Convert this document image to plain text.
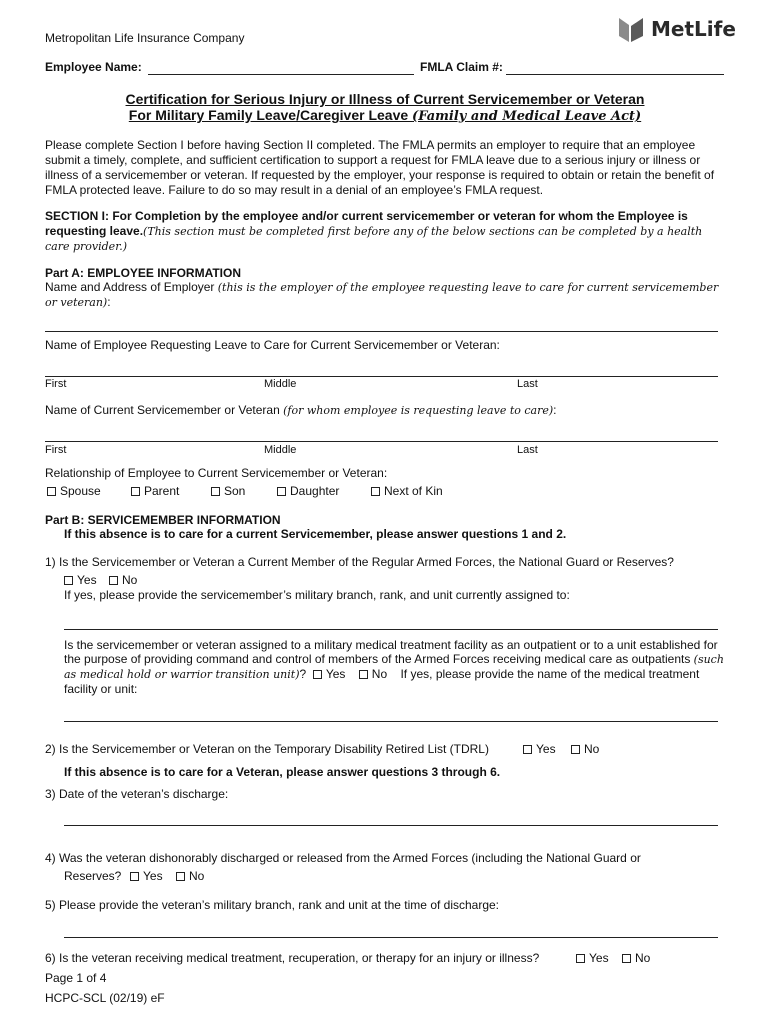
Metropolitan Life Insurance Company	MetLife
Employee Name:	FMLA Claim #:
Certification for Serious Injury or Illness of Current Servicemember or Veteran
For Military Family Leave/Caregiver Leave (Family and Medical Leave Act)
Please complete Section I before having Section II completed. The FMLA permits an employer to require that an employee submit a timely, complete, and sufficient certification to support a request for FMLA leave due to a serious injury or illness or illness of a servicemember or veteran. If requested by the employer, your response is required to obtain or retain the benefit of FMLA protected leave. Failure to do so may result in a denial of an employee’s FMLA request.
SECTION I: For Completion by the employee and/or current servicemember or veteran for whom the Employee is requesting leave.(This section must be completed first before any of the below sections can be completed by a health care provider.)
Part A: EMPLOYEE INFORMATION
Name and Address of Employer (this is the employer of the employee requesting leave to care for current servicemember or veteran):
Name of Employee Requesting Leave to Care for Current Servicemember or Veteran:
First	Middle	Last
Name of Current Servicemember or Veteran (for whom employee is requesting leave to care):
First	Middle	Last
Relationship of Employee to Current Servicemember or Veteran:
Spouse	Parent	Son	Daughter	Next of Kin
Part B: SERVICEMEMBER INFORMATION
If this absence is to care for a current Servicemember, please answer questions 1 and 2.
1) Is the Servicemember or Veteran a Current Member of the Regular Armed Forces, the National Guard or Reserves?
Yes	No
If yes, please provide the servicemember’s military branch, rank, and unit currently assigned to:
Is the servicemember or veteran assigned to a military medical treatment facility as an outpatient or to a unit established for the purpose of providing command and control of members of the Armed Forces receiving medical care as outpatients (such as medical hold or warrior transition unit)? Yes No If yes, please provide the name of the medical treatment facility or unit:
2) Is the Servicemember or Veteran on the Temporary Disability Retired List (TDRL)	Yes	No
If this absence is to care for a Veteran, please answer questions 3 through 6.
3) Date of the veteran’s discharge:
4) Was the veteran dishonorably discharged or released from the Armed Forces (including the National Guard or
Reserves?	Yes	No
5) Please provide the veteran’s military branch, rank and unit at the time of discharge:
6) Is the veteran receiving medical treatment, recuperation, or therapy for an injury or illness?	Yes	No
Page 1 of 4
HCPC-SCL (02/19) eF
